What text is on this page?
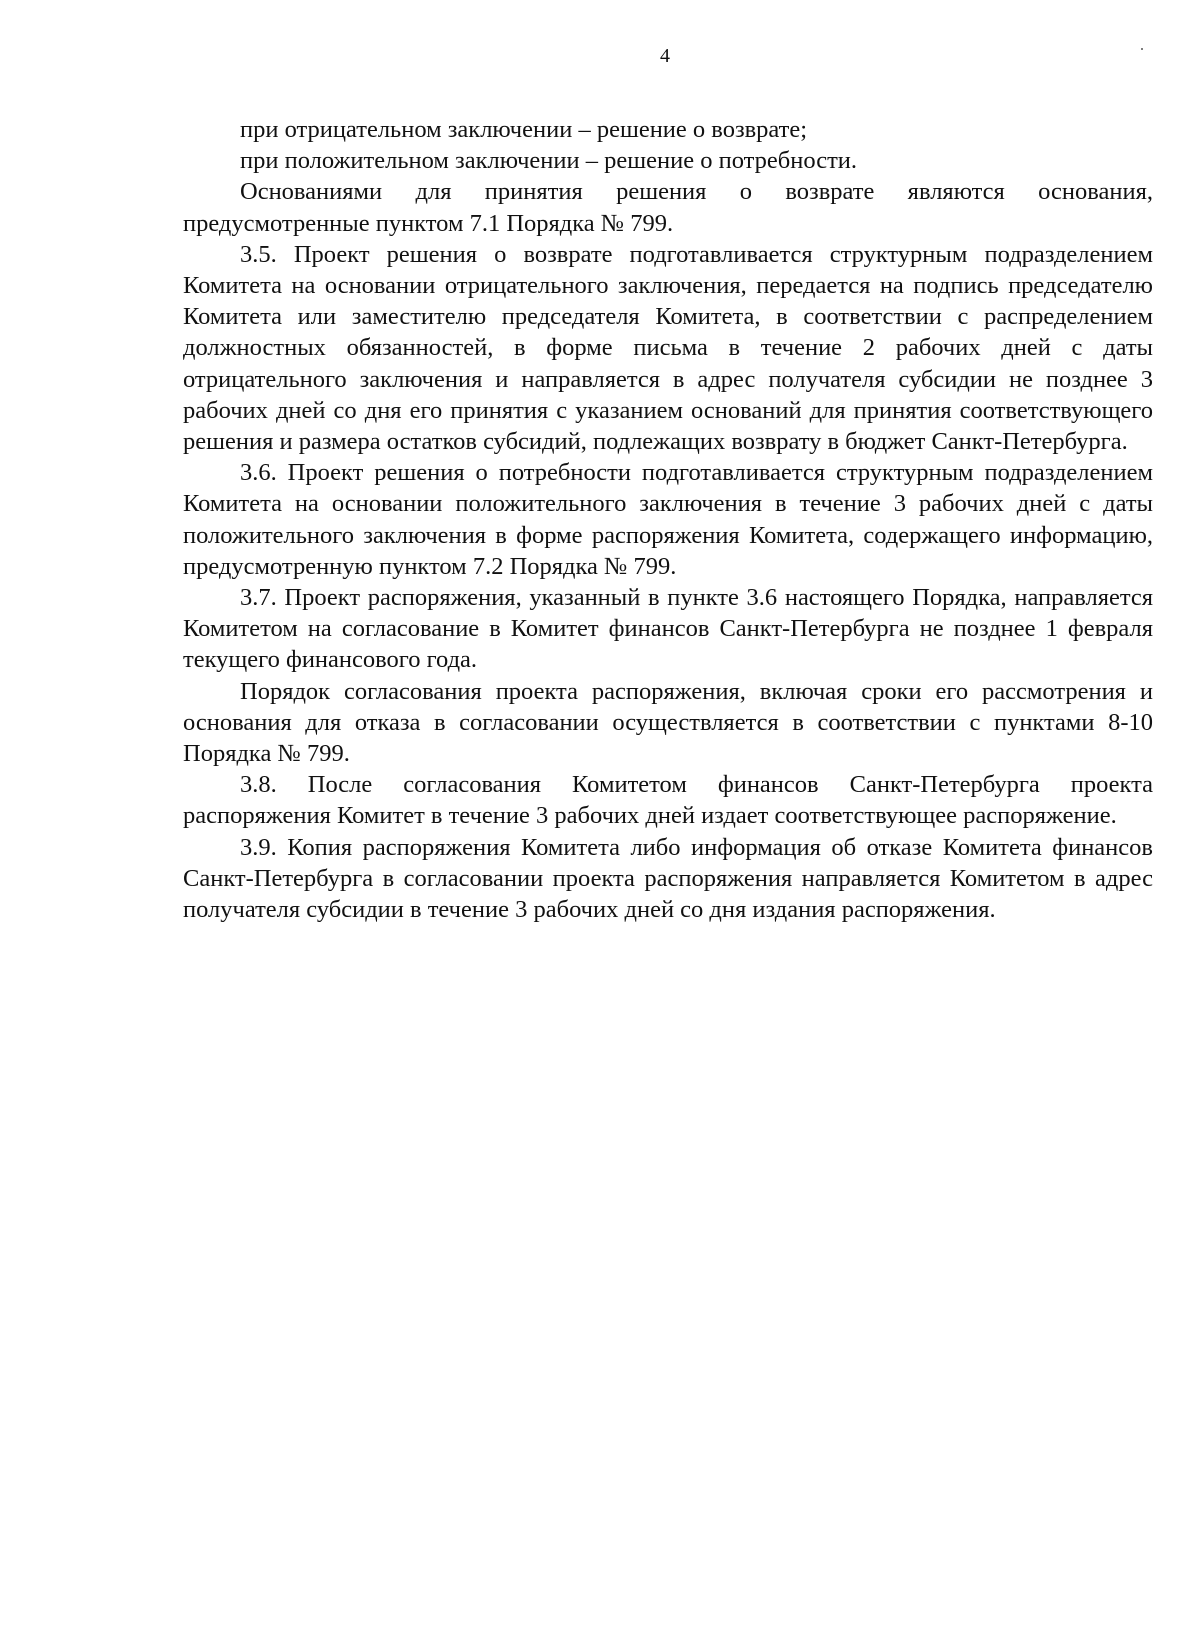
4

при отрицательном заключении – решение о возврате;

при положительном заключении – решение о потребности.

Основаниями для принятия решения о возврате являются основания, предусмотренные пунктом 7.1 Порядка № 799.

3.5. Проект решения о возврате подготавливается структурным подразделением Комитета на основании отрицательного заключения, передается на подпись председателю Комитета или заместителю председателя Комитета, в соответствии с распределением должностных обязанностей, в форме письма в течение 2 рабочих дней с даты отрицательного заключения и направляется в адрес получателя субсидии не позднее 3 рабочих дней со дня его принятия с указанием оснований для принятия соответствующего решения и размера остатков субсидий, подлежащих возврату в бюджет Санкт-Петербурга.

3.6. Проект решения о потребности подготавливается структурным подразделением Комитета на основании положительного заключения в течение 3 рабочих дней с даты положительного заключения в форме распоряжения Комитета, содержащего информацию, предусмотренную пунктом 7.2 Порядка № 799.

3.7. Проект распоряжения, указанный в пункте 3.6 настоящего Порядка, направляется Комитетом на согласование в Комитет финансов Санкт-Петербурга не позднее 1 февраля текущего финансового года.

Порядок согласования проекта распоряжения, включая сроки его рассмотрения и основания для отказа в согласовании осуществляется в соответствии с пунктами 8-10 Порядка № 799.

3.8. После согласования Комитетом финансов Санкт-Петербурга проекта распоряжения Комитет в течение 3 рабочих дней издает соответствующее распоряжение.

3.9. Копия распоряжения Комитета либо информация об отказе Комитета финансов Санкт-Петербурга в согласовании проекта распоряжения направляется Комитетом в адрес получателя субсидии в течение 3 рабочих дней со дня издания распоряжения.
